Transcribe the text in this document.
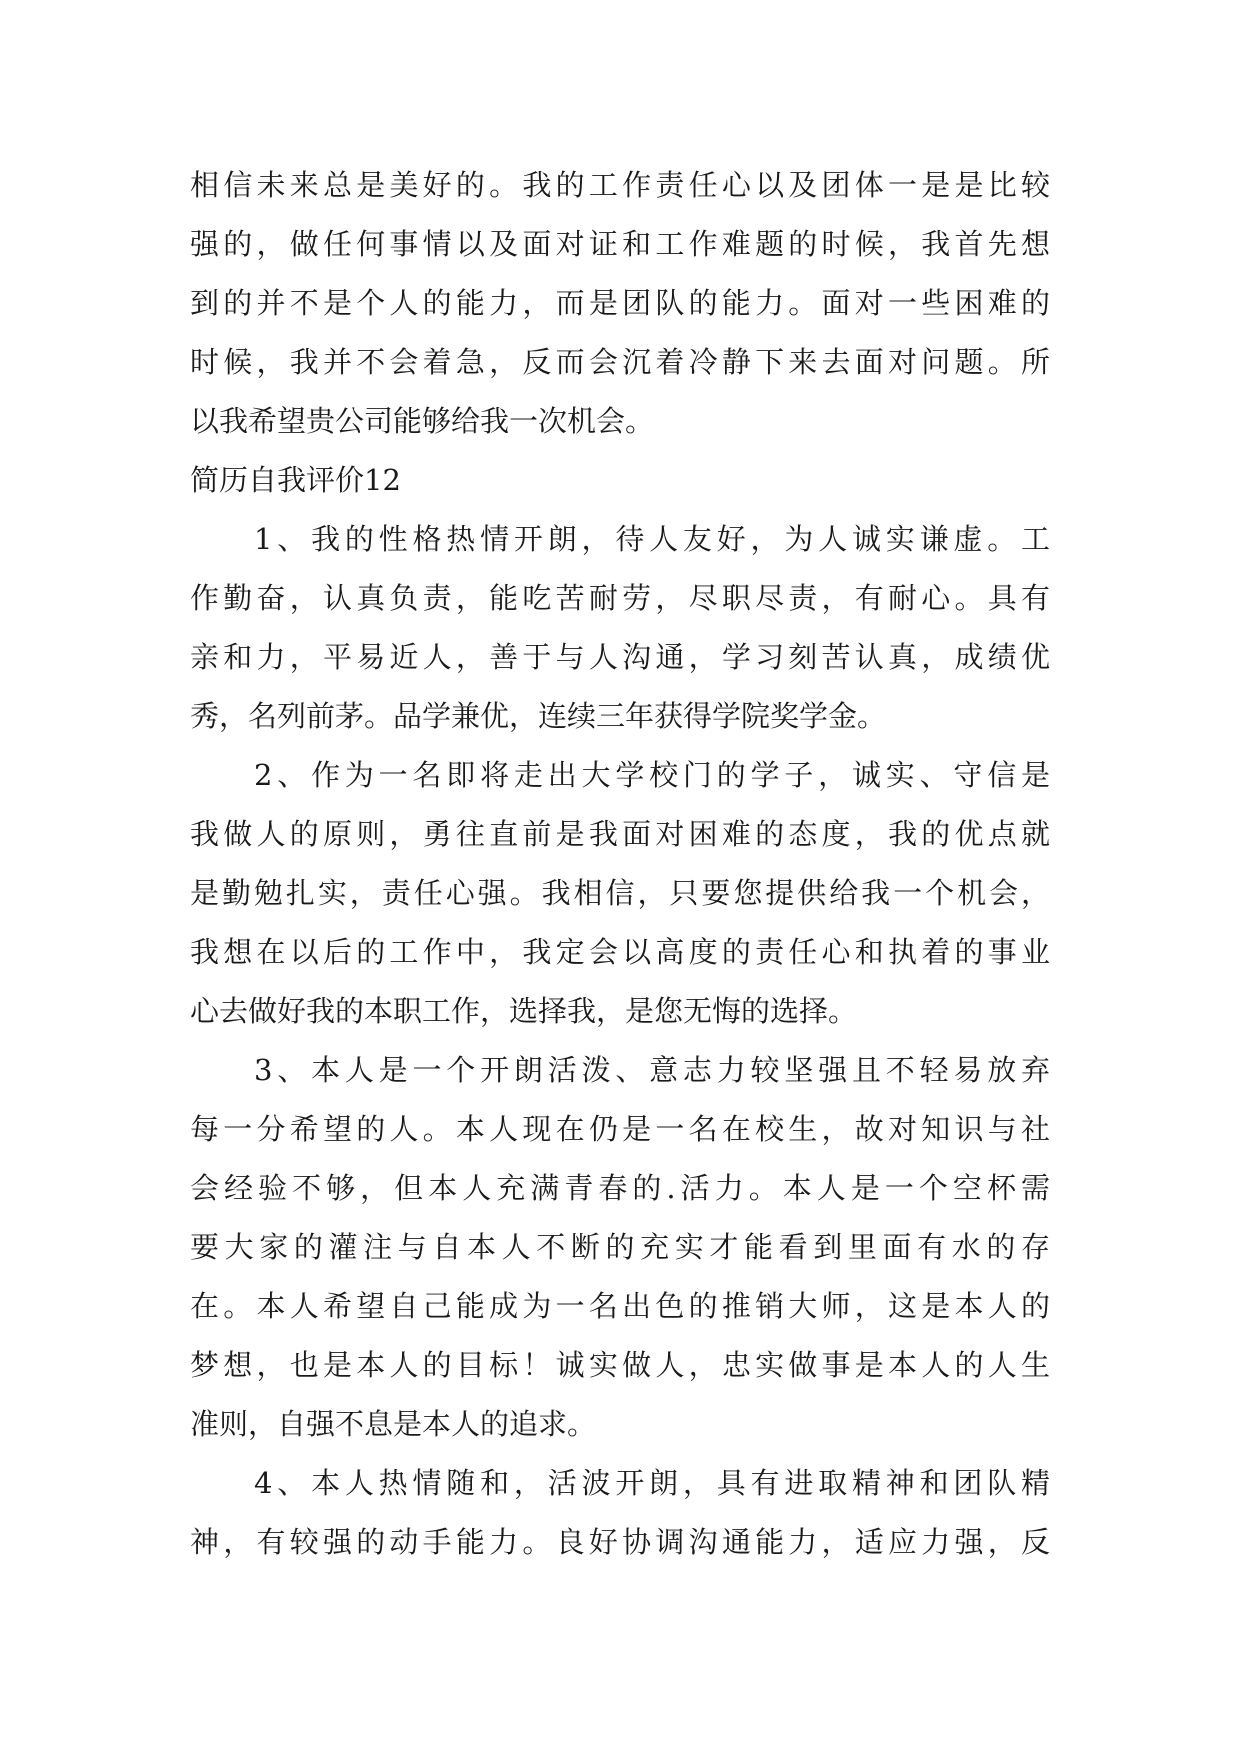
相信未来总是美好的。我的工作责任心以及团体一是是比较
强的，做任何事情以及面对证和工作难题的时候，我首先想
到的并不是个人的能力，而是团队的能力。面对一些困难的
时候，我并不会着急，反而会沉着冷静下来去面对问题。所
以我希望贵公司能够给我一次机会。
简历自我评价12
1、我的性格热情开朗，待人友好，为人诚实谦虚。工
作勤奋，认真负责，能吃苦耐劳，尽职尽责，有耐心。具有
亲和力，平易近人，善于与人沟通，学习刻苦认真，成绩优
秀，名列前茅。品学兼优，连续三年获得学院奖学金。
2、作为一名即将走出大学校门的学子，诚实、守信是
我做人的原则，勇往直前是我面对困难的态度，我的优点就
是勤勉扎实，责任心强。我相信，只要您提供给我一个机会，
我想在以后的工作中，我定会以高度的责任心和执着的事业
心去做好我的本职工作，选择我，是您无悔的选择。
3、本人是一个开朗活泼、意志力较坚强且不轻易放弃
每一分希望的人。本人现在仍是一名在校生，故对知识与社
会经验不够，但本人充满青春的.活力。本人是一个空杯需
要大家的灌注与自本人不断的充实才能看到里面有水的存
在。本人希望自己能成为一名出色的推销大师，这是本人的
梦想，也是本人的目标！诚实做人，忠实做事是本人的人生
准则，自强不息是本人的追求。
4、本人热情随和，活波开朗，具有进取精神和团队精
神，有较强的动手能力。良好协调沟通能力，适应力强，反
